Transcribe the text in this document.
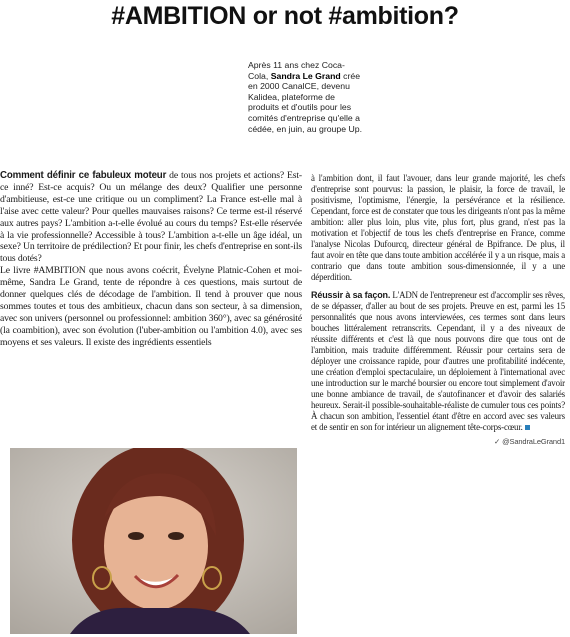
#AMBITION or not #ambition?
Après 11 ans chez Coca-Cola, Sandra Le Grand crée en 2000 CanalCE, devenu Kalidea, plateforme de produits et d'outils pour les comités d'entreprise qu'elle a cédée, en juin, au groupe Up.

Comment définir ce fabuleux moteur de tous nos projets et actions? Est-ce inné? Est-ce acquis? Ou un mélange des deux? Qualifier une personne d'ambitieuse, est-ce une critique ou un compliment? La France est-elle mal à l'aise avec cette valeur? Pour quelles mauvaises raisons? Ce terme est-il réservé aux autres pays? L'ambition a-t-elle évolué au cours du temps? Est-elle réservée à la vie professionnelle? Accessible à tous? L'ambition a-t-elle un âge idéal, un sexe? Un territoire de prédilection? Et pour finir, les chefs d'entreprise en sont-ils tous dotés?

Le livre #AMBITION que nous avons coécrit, Évelyne Platnic-Cohen et moi-même, Sandra Le Grand, tente de répondre à ces questions, mais surtout de donner quelques clés de décodage de l'ambition. Il tend à prouver que nous sommes toutes et tous des ambitieux, chacun dans son secteur, à sa dimension, avec son univers (personnel ou professionnel: ambition 360°), avec sa générosité (la coambition), avec son évolution (l'uber-ambition ou l'ambition 4.0), avec ses moyens et ses valeurs. Il existe des ingrédients essentiels

à l'ambition dont, il faut l'avouer, dans leur grande majorité, les chefs d'entreprise sont pourvus: la passion, le plaisir, la force de travail, le positivisme, l'optimisme, l'énergie, la persévérance et la résilience. Cependant, force est de constater que tous les dirigeants n'ont pas la même ambition: aller plus loin, plus vite, plus fort, plus grand, n'est pas la motivation et l'objectif de tous les chefs d'entreprise en France, comme l'analyse Nicolas Dufourcq, directeur général de Bpifrance. De plus, il faut avoir en tête que dans toute ambition accélérée il y a un risque, mais a contrario que dans toute ambition sous-dimensionnée, il y a une déperdition.

Réussir à sa façon. L'ADN de l'entrepreneur est d'accomplir ses rêves, de se dépasser, d'aller au bout de ses projets. Preuve en est, parmi les 15 personnalités que nous avons interviewées, ces termes sont dans leurs bouches littéralement retranscrits. Cependant, il y a des niveaux de réussite différents et c'est là que nous pouvons dire que tous ont de l'ambition, mais traduite différemment. Réussir pour certains sera de déployer une croissance rapide, pour d'autres une profitabilité indécente, une création d'emploi spectaculaire, un déploiement à l'international avec une introduction sur le marché boursier ou encore tout simplement d'avoir une bonne ambiance de travail, de s'autofinancer et d'avoir des salariés heureux. Serait-il possible-souhaitable-réaliste de cumuler tous ces points? À chacun son ambition, l'essentiel étant d'être en accord avec ses valeurs et de sentir en son for intérieur un alignement tête-corps-cœur.

✓ @SandraLeGrand1
